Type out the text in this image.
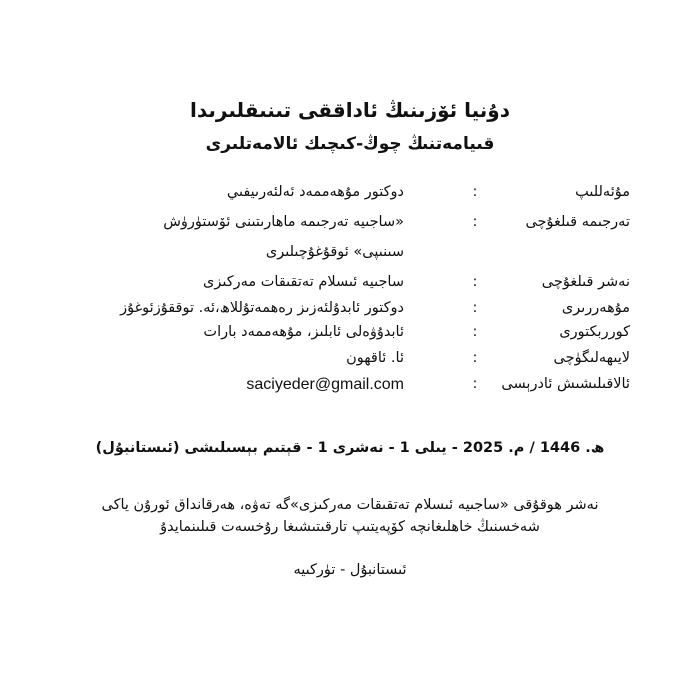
دۇنيا ئۆزىنىڭ ئاداققى تىنىقلىرىدا
قىيامەتنىڭ چوڭ-كىچىك ئالامەتلىرى
مۇئەللىپ
:
دوكتور مۇھەممەد ئەلئەرىيفىي
تەرجىمە قىلغۇچى
:
«ساجىيە تەرجىمە ماھارىتىنى ئۆستۈرۈش
سىنىپى» ئوقۇغۇچىلىرى
نەشر قىلغۇچى
:
ساجىيە ئىسلام تەتقىقات مەركىزى
مۇھەررىرى
:
دوكتور ئابدۇلئەزىز رەھمەتۇللاھ،ئە. توققۇزئوغۇز
كورربكتورى
:
ئابدۇۋەلى ئابلىز، مۇھەممەد بارات
لايىھەلىگۈچى
:
ئا. ئاقھون
ئالاقىلىشىش ئادرېسى
:
saciyeder@gmail.com
ھ. 1446 / م. 2025 - يىلى 1 - نەشرى 1 - قېتىم بېسىلىشى (ئىستانبۇل)
نەشر ھوقۇقى «ساجىيە ئىسلام تەتقىقات مەركىزى»گە تەۋە، ھەرقانداق ئورۇن ياكى
شەخسنىڭ خاھلىغانچە كۆپەيتىپ تارقىتىشىغا رۇخسەت قىلىنمايدۇ
ئىستانبۇل - تۈركىيە
